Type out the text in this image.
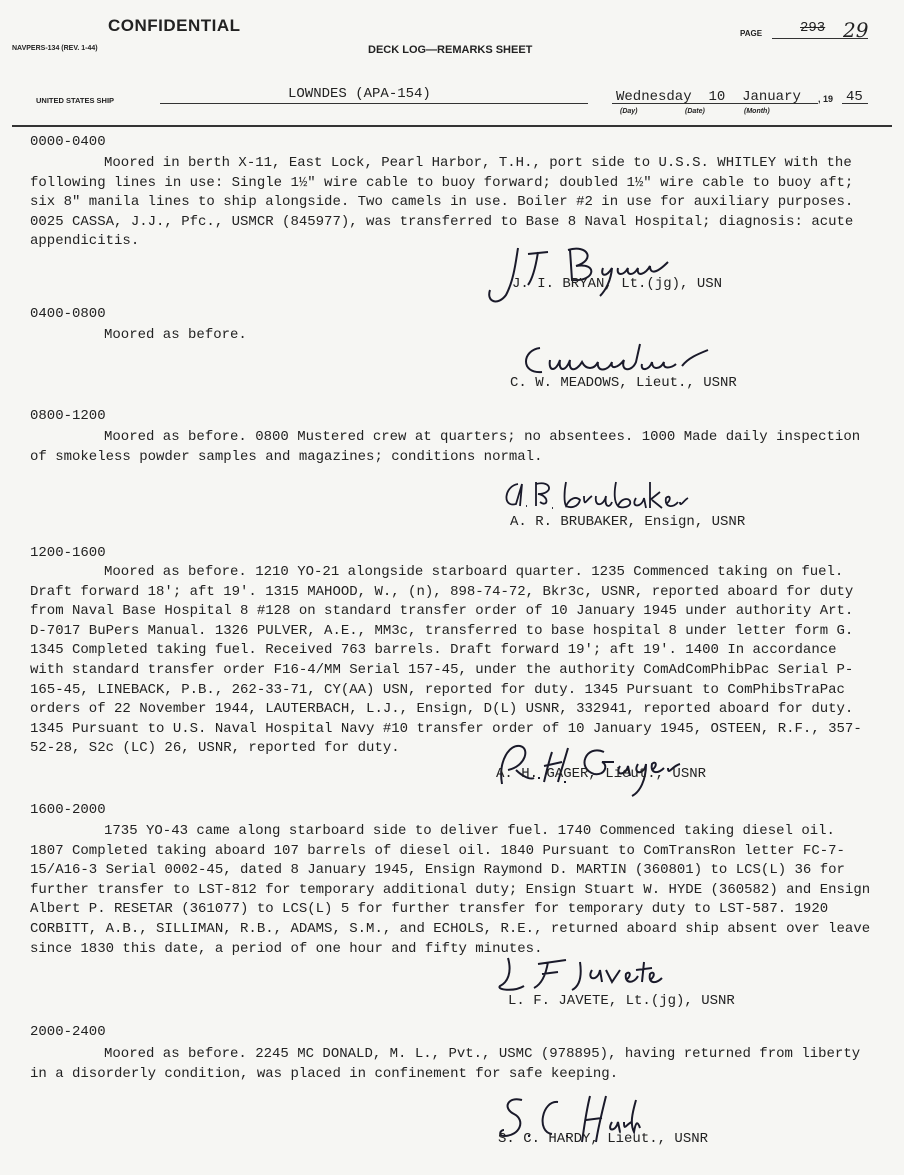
CONFIDENTIAL
NAVPERS-134 (REV. 1-44)	DECK LOG—REMARKS SHEET
PAGE	293 29
UNITED STATES SHIP	LOWNDES (APA-154)	Wednesday 10 January
(Day)	(Date)	(Month)
, 19 45
0000-0400
Moored in berth X-11, East Lock, Pearl Harbor, T.H., port side to U.S.S. WHITLEY with the following lines in use: Single 1½" wire cable to buoy forward; doubled 1½" wire cable to buoy aft; six 8" manila lines to ship alongside. Two camels in use. Boiler #2 in use for auxiliary purposes. 0025 CASSA, J.J., Pfc., USMCR (845977), was transferred to Base 8 Naval Hospital; diagnosis: acute appendicitis.
J. I. BRYAN, Lt.(jg), USN
0400-0800
Moored as before.
C. W. MEADOWS, Lieut., USNR
0800-1200
Moored as before. 0800 Mustered crew at quarters; no absentees. 1000 Made daily inspection of smokeless powder samples and magazines; conditions normal.
A. R. BRUBAKER, Ensign, USNR
1200-1600
Moored as before. 1210 YO-21 alongside starboard quarter. 1235 Commenced taking on fuel. Draft forward 18'; aft 19'. 1315 MAHOOD, W., (n), 898-74-72, Bkr3c, USNR, reported aboard for duty from Naval Base Hospital 8 #128 on standard transfer order of 10 January 1945 under authority Art. D-7017 BuPers Manual. 1326 PULVER, A.E., MM3c, transferred to base hospital 8 under letter form G. 1345 Completed taking fuel. Received 763 barrels. Draft forward 19'; aft 19'. 1400 In accordance with standard transfer order F16-4/MM Serial 157-45, under the authority ComAdComPhibPac Serial P-165-45, LINEBACK, P.B., 262-33-71, CY(AA) USN, reported for duty. 1345 Pursuant to ComPhibsTraPac orders of 22 November 1944, LAUTERBACH, L.J., Ensign, D(L) USNR, 332941, reported aboard for duty. 1345 Pursuant to U.S. Naval Hospital Navy #10 transfer order of 10 January 1945, OSTEEN, R.F., 357-52-28, S2c (LC) 26, USNR, reported for duty.
A. H. GAGER, Lieut., USNR
1600-2000
1735 YO-43 came along starboard side to deliver fuel. 1740 Commenced taking diesel oil. 1807 Completed taking aboard 107 barrels of diesel oil. 1840 Pursuant to ComTransRon letter FC-7-15/A16-3 Serial 0002-45, dated 8 January 1945, Ensign Raymond D. MARTIN (360801) to LCS(L) 36 for further transfer to LST-812 for temporary additional duty; Ensign Stuart W. HYDE (360582) and Ensign Albert P. RESETAR (361077) to LCS(L) 5 for further transfer for temporary duty to LST-587. 1920 CORBITT, A.B., SILLIMAN, R.B., ADAMS, S.M., and ECHOLS, R.E., returned aboard ship absent over leave since 1830 this date, a period of one hour and fifty minutes.
L. F. JAVETE, Lt.(jg), USNR
2000-2400
Moored as before. 2245 MC DONALD, M. L., Pvt., USMC (978895), having returned from liberty in a disorderly condition, was placed in confinement for safe keeping.
S. C. HARDY, Lieut., USNR
